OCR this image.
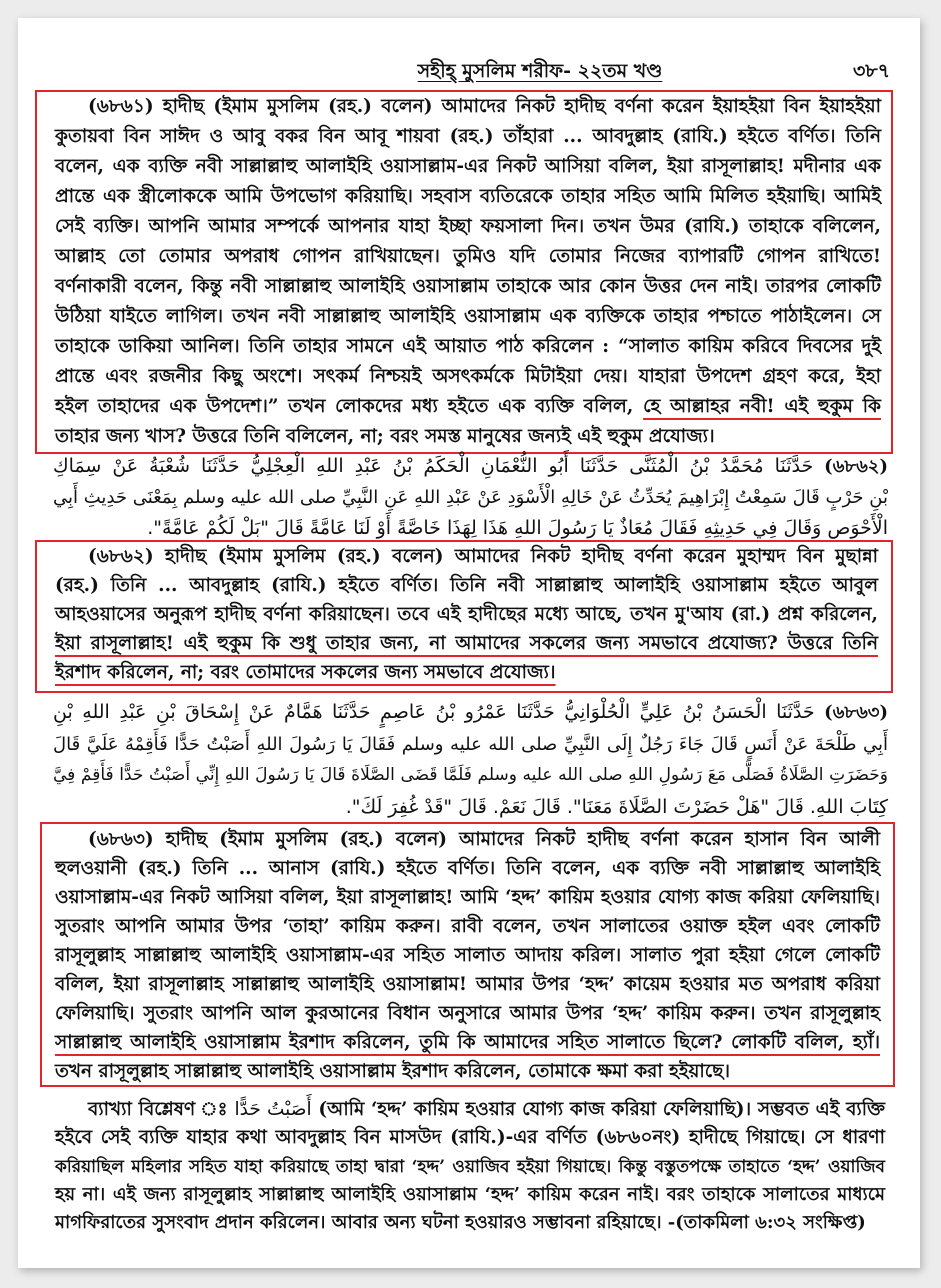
সহীহ্ মুসলিম শরীফ- ২২তম খণ্ড	৩৮৭
(৬৮৬১) হাদীছ (ইমাম মুসলিম (রহ.) বলেন) আমাদের নিকট হাদীছ বর্ণনা করেন ইয়াহইয়া বিন ইয়াহইয়া
কুতায়বা বিন সাঈদ ও আবু বকর বিন আবূ শায়বা (রহ.) তাঁহারা ... আবদুল্লাহ (রাযি.) হইতে বর্ণিত। তিনি
বলেন, এক ব্যক্তি নবী সাল্লাল্লাহু আলাইহি ওয়াসাল্লাম-এর নিকট আসিয়া বলিল, ইয়া রাসূলাল্লাহ! মদীনার এক
প্রান্তে এক স্ত্রীলোককে আমি উপভোগ করিয়াছি। সহবাস ব্যতিরেকে তাহার সহিত আমি মিলিত হইয়াছি। আমিই
সেই ব্যক্তি। আপনি আমার সম্পর্কে আপনার যাহা ইচ্ছা ফয়সালা দিন। তখন উমর (রাযি.) তাহাকে বলিলেন,
আল্লাহ তো তোমার অপরাধ গোপন রাখিয়াছেন। তুমিও যদি তোমার নিজের ব্যাপারটি গোপন রাখিতে!
বর্ণনাকারী বলেন, কিন্তু নবী সাল্লাল্লাহু আলাইহি ওয়াসাল্লাম তাহাকে আর কোন উত্তর দেন নাই। তারপর লোকটি
উঠিয়া যাইতে লাগিল। তখন নবী সাল্লাল্লাহু আলাইহি ওয়াসাল্লাম এক ব্যক্তিকে তাহার পশ্চাতে পাঠাইলেন। সে
তাহাকে ডাকিয়া আনিল। তিনি তাহার সামনে এই আয়াত পাঠ করিলেন : “সালাত কায়িম করিবে দিবসের দুই
প্রান্তে এবং রজনীর কিছু অংশে। সৎকর্ম নিশ্চয়ই অসৎকর্মকে মিটাইয়া দেয়। যাহারা উপদেশ গ্রহণ করে, ইহা
হইল তাহাদের এক উপদেশ।” তখন লোকদের মধ্য হইতে এক ব্যক্তি বলিল, হে আল্লাহর নবী! এই হুকুম কি
তাহার জন্য খাস? উত্তরে তিনি বলিলেন, না; বরং সমস্ত মানুষের জন্যই এই হুকুম প্রযোজ্য।
(৬৮৬২) حَدَّثَنَا مُحَمَّدُ بْنُ الْمُثَنَّى حَدَّثَنَا أَبُو النُّعْمَانِ الْحَكَمُ بْنُ عَبْدِ اللهِ الْعِجْلِيُّ حَدَّثَنَا شُعْبَةُ عَنْ سِمَاكِ
بْنِ حَرْبٍ قَالَ سَمِعْتُ إِبْرَاهِيمَ يُحَدِّثُ عَنْ خَالِهِ الْأَسْوَدِ عَنْ عَبْدِ اللهِ عَنِ النَّبِيِّ صلى الله عليه وسلم بِمَعْنَى حَدِيثِ أَبِي
الْأَحْوَصِ وَقَالَ فِي حَدِيثِهِ فَقَالَ مُعَاذٌ يَا رَسُولَ اللهِ هَذَا لِهَذَا خَاصَّةً أَوْ لَنَا عَامَّةً قَالَ "بَلْ لَكُمْ عَامَّةً".
(৬৮৬২) হাদীছ (ইমাম মুসলিম (রহ.) বলেন) আমাদের নিকট হাদীছ বর্ণনা করেন মুহাম্মদ বিন মুছান্না
(রহ.) তিনি ... আবদুল্লাহ (রাযি.) হইতে বর্ণিত। তিনি নবী সাল্লাল্লাহু আলাইহি ওয়াসাল্লাম হইতে আবুল
আহওয়াসের অনুরূপ হাদীছ বর্ণনা করিয়াছেন। তবে এই হাদীছের মধ্যে আছে, তখন মু'আয (রা.) প্রশ্ন করিলেন,
ইয়া রাসূলাল্লাহ! এই হুকুম কি শুধু তাহার জন্য, না আমাদের সকলের জন্য সমভাবে প্রযোজ্য? উত্তরে তিনি
ইরশাদ করিলেন, না; বরং তোমাদের সকলের জন্য সমভাবে প্রযোজ্য।
(৬৮৬৩) حَدَّثَنَا الْحَسَنُ بْنُ عَلِيٍّ الْحُلْوَانِيُّ حَدَّثَنَا عَمْرُو بْنُ عَاصِمٍ حَدَّثَنَا هَمَّامٌ عَنْ إِسْحَاقَ بْنِ عَبْدِ اللهِ بْنِ
أَبِي طَلْحَةَ عَنْ أَنَسٍ قَالَ جَاءَ رَجُلٌ إِلَى النَّبِيِّ صلى الله عليه وسلم فَقَالَ يَا رَسُولَ اللهِ أَصَبْتُ حَدًّا فَأَقِمْهُ عَلَيَّ قَالَ
وَحَضَرَتِ الصَّلَاةُ فَصَلَّى مَعَ رَسُولِ اللهِ صلى الله عليه وسلم فَلَمَّا قَضَى الصَّلَاةَ قَالَ يَا رَسُولَ اللهِ إِنِّي أَصَبْتُ حَدًّا فَأَقِمْ فِيَّ
كِتَابَ اللهِ. قَالَ "هَلْ حَضَرْتَ الصَّلَاةَ مَعَنَا". قَالَ نَعَمْ. قَالَ "قَدْ غُفِرَ لَكَ".
(৬৮৬৩) হাদীছ (ইমাম মুসলিম (রহ.) বলেন) আমাদের নিকট হাদীছ বর্ণনা করেন হাসান বিন আলী
হুলওয়ানী (রহ.) তিনি ... আনাস (রাযি.) হইতে বর্ণিত। তিনি বলেন, এক ব্যক্তি নবী সাল্লাল্লাহু আলাইহি
ওয়াসাল্লাম-এর নিকট আসিয়া বলিল, ইয়া রাসূলাল্লাহ! আমি ‘হদ্দ’ কায়িম হওয়ার যোগ্য কাজ করিয়া ফেলিয়াছি।
সুতরাং আপনি আমার উপর ‘তাহা’ কায়িম করুন। রাবী বলেন, তখন সালাতের ওয়াক্ত হইল এবং লোকটি
রাসূলুল্লাহ সাল্লাল্লাহু আলাইহি ওয়াসাল্লাম-এর সহিত সালাত আদায় করিল। সালাত পুরা হইয়া গেলে লোকটি
বলিল, ইয়া রাসূলাল্লাহ সাল্লাল্লাহু আলাইহি ওয়াসাল্লাম! আমার উপর ‘হদ্দ’ কায়েম হওয়ার মত অপরাধ করিয়া
ফেলিয়াছি। সুতরাং আপনি আল কুরআনের বিধান অনুসারে আমার উপর ‘হদ্দ’ কায়িম করুন। তখন রাসূলুল্লাহ
সাল্লাল্লাহু আলাইহি ওয়াসাল্লাম ইরশাদ করিলেন, তুমি কি আমাদের সহিত সালাতে ছিলে? লোকটি বলিল, হ্যাঁ।
তখন রাসূলুল্লাহ সাল্লাল্লাহু আলাইহি ওয়াসাল্লাম ইরশাদ করিলেন, তোমাকে ক্ষমা করা হইয়াছে।
ব্যাখ্যা বিশ্লেষণ ঃ أَصَبْتُ حَدًّا (আমি ‘হদ্দ’ কায়িম হওয়ার যোগ্য কাজ করিয়া ফেলিয়াছি)। সম্ভবত এই ব্যক্তি
হইবে সেই ব্যক্তি যাহার কথা আবদুল্লাহ বিন মাসউদ (রাযি.)-এর বর্ণিত (৬৮৬০নং) হাদীছে গিয়াছে। সে ধারণা
করিয়াছিল মহিলার সহিত যাহা করিয়াছে তাহা দ্বারা ‘হদ্দ’ ওয়াজিব হইয়া গিয়াছে। কিন্তু বস্তুতপক্ষে তাহাতে ‘হদ্দ’ ওয়াজিব
হয় না। এই জন্য রাসূলুল্লাহ সাল্লাল্লাহু আলাইহি ওয়াসাল্লাম ‘হদ্দ’ কায়িম করেন নাই। বরং তাহাকে সালাতের মাধ্যমে
মাগফিরাতের সুসংবাদ প্রদান করিলেন। আবার অন্য ঘটনা হওয়ারও সম্ভাবনা রহিয়াছে। -(তাকমিলা ৬:৩২ সংক্ষিপ্ত)
